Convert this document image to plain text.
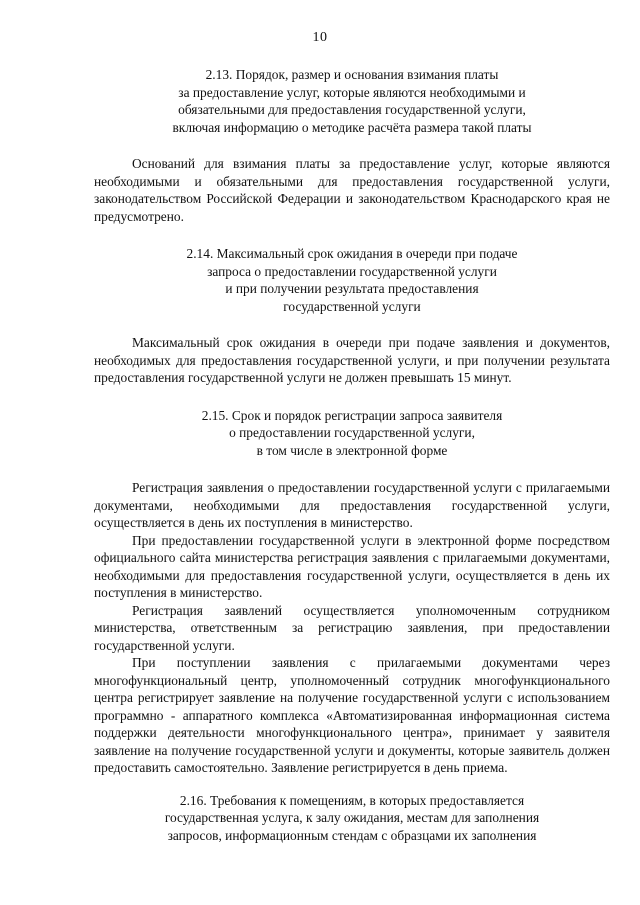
10
2.13. Порядок, размер и основания взимания платы
за предоставление услуг, которые являются необходимыми и
обязательными для предоставления государственной услуги,
включая информацию о методике расчёта размера такой платы

Оснований для взимания платы за предоставление услуг, которые являются необходимыми и обязательными для предоставления государственной услуги, законодательством Российской Федерации и законодательством Краснодарского края не предусмотрено.

2.14. Максимальный срок ожидания в очереди при подаче
запроса о предоставлении государственной услуги
и при получении результата предоставления
государственной услуги

Максимальный срок ожидания в очереди при подаче заявления и документов, необходимых для предоставления государственной услуги, и при получении результата предоставления государственной услуги не должен превышать 15 минут.

2.15. Срок и порядок регистрации запроса заявителя
о предоставлении государственной услуги,
в том числе в электронной форме

Регистрация заявления о предоставлении государственной услуги с прилагаемыми документами, необходимыми для предоставления государственной услуги, осуществляется в день их поступления в министерство.

При предоставлении государственной услуги в электронной форме посредством официального сайта министерства регистрация заявления с прилагаемыми документами, необходимыми для предоставления государственной услуги, осуществляется в день их поступления в министерство.

Регистрация заявлений осуществляется уполномоченным сотрудником министерства, ответственным за регистрацию заявления, при предоставлении государственной услуги.

При поступлении заявления с прилагаемыми документами через многофункциональный центр, уполномоченный сотрудник многофункционального центра регистрирует заявление на получение государственной услуги с использованием программно - аппаратного комплекса «Автоматизированная информационная система поддержки деятельности многофункционального центра», принимает у заявителя заявление на получение государственной услуги и документы, которые заявитель должен предоставить самостоятельно. Заявление регистрируется в день приема.

2.16. Требования к помещениям, в которых предоставляется
государственная услуга, к залу ожидания, местам для заполнения
запросов, информационным стендам с образцами их заполнения
